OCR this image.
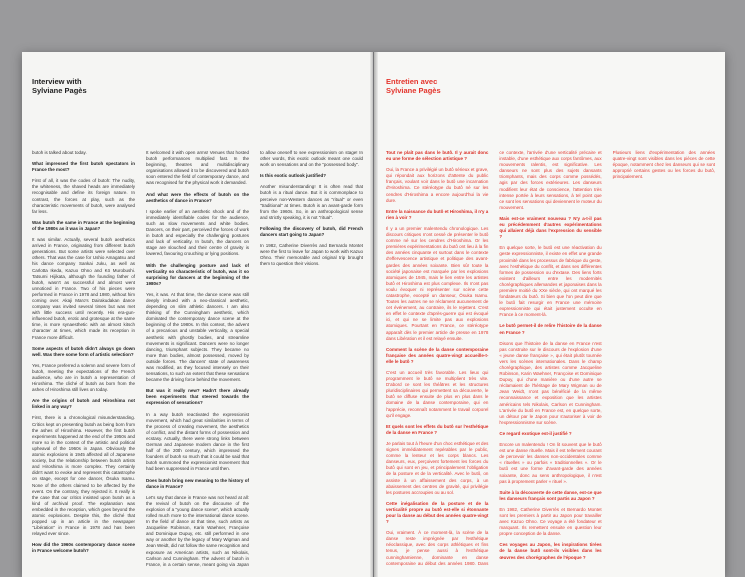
Interview with
Sylviane Pagès

butoh is talked about today.

What impressed the first butoh spectators in France the most?

First of all, it was the codes of butoh: The nudity, the whiteness, the shaved heads are immediately recognisable and define its foreign nature. In contrast, the forces at play, such as the characteristic movements of butoh, were analysed far less.

Was butoh the same in France at the beginning of the 1980s as it was in Japan?

It was similar. Actually, several butoh aesthetics arrived in France, originating from different butoh generations. But some artists were selected over others. That was the case for Ushio Amagatsu and his dance company Sankai Juku, as well as Carlotta Ikeda, Kazuo Ohno and Kō Murobushi. Tatsumi Hijikata, although the founding father of butoh, wasn't as successful and almost went unnoticed in France. Two of his pieces were performed in France in 1978 and 1980, without him coming over. Akaji Maro's Dairakudakan dance company was invited several times but was met with little success until recently. His era-gun-influenced butoh, erotic and grotesque at the same time, is more synaesthetic with an almost kitsch character at times, which made its reception in France more difficult.

Some aspects of butoh didn't always go down well. Was there some form of artistic selection?

Yes, France preferred a solemn and severe form of butoh, meeting the expectations of the French audience, who are in butoh a representation of Hiroshima. The cliché of butoh as born from the ashes of Hiroshima still lives on today.

Are the origins of butoh and Hiroshima not linked in any way?

First, there is a chronological misunderstanding. Critics kept on presenting butoh as being born from the ashes of Hiroshima. However, the first butoh experiments happened at the end of the 1950s and more so in the context of the artistic and political upheaval of the 1960s in Japan. Obviously the atomic explosions in 1945 affected all of Japanese society, but the relationship between butoh artists and Hiroshima is more complex. They certainly didn't want to evoke and represent this catastrophe on stage, except for one dancer, Ōsuka Isamu. None of the others claimed to be affected by the event. On the contrary, they rejected it. It really is the case that our critics insisted upon butoh as a kind of archival proof. The explanation was embedded in the reception, which goes beyond the atomic explosions. Despite this, the cliché that popped up in an article in the newspaper "Libération" in France in 1978 and has been relayed ever since.

How did the 1960s contemporary dance scene in France welcome butoh?

It welcomed it with open arms! Venues that hosted butoh performances multiplied fast. In the beginning, theatres and multidisciplinary organisations allowed it to be discovered and butoh soon entered the field of contemporary dance, and was recognised for the physical work it demanded.

And what were the effects of butoh on the aesthetics of dance in France?

I spoke earlier of an aesthetic shock and of the immediately identifiable codes for the audience, such as slow movements and white bodies. Dancers, on their part, perceived the forces of work in butoh and especially the challenging postures and lack of verticality. In butoh, the dancers on stage are slouched and their centre of gravity is lowered, favouring crouching or lying positions.

With the challenging posture and lack of verticality so characteristic of butoh, was it so surprising for dancers at the beginning of the 1980s?

Yes, it was. At that time, the dance scene was still deeply imbued with a neo-classical aesthetic, depending on slim athletic dancers. I am also thinking of the Cunningham aesthetic, which dominated the contemporary dance scene at the beginning of the 1980s. In this context, the advent of a precarious and unstable verticality, a special aesthetic with ghostly bodies, and streamline movements is significant. Dancers were no longer dancing, triumphant subjects. They became no more than bodies, almost possessed, moved by outside forces. The dancers' state of awareness was modified, as they focused intensely on their sensations, to such an extent that these sensations became the driving force behind the movement.

But was it really new? Hadn't there already been experiments that steered towards the expression of sensations?

In a way butoh reactivated the expressionist movement, which had great similarities in terms of the process of creating movement, the aesthetics of conflict, and the distant forms of possession and ecstasy. Actually, there were strong links between German and Japanese modern dance in the first half of the 20th century, which impressed the founders of butoh so much that it could be said that butoh summoned the expressionist movement that had been suppressed in France until then.

Does butoh bring new meaning to the history of dance in France?

Let's say that dance in France was not heard at all: the revival of butoh on the discourse of the explosion of a "young dance scene", which actually rolled much more to the international dance scene. In the field of dance at that time, such artists as Jacqueline Robinson, Karin Waehner, Françoise and Dominique Dupuy, etc. still performed in one way or another by the legacy of Mary Wigman and Jean Weidt, did not follow the same recognition and exposure as American artists, such as Nikolais, Carlson and Cunningham. The advent of butoh in France, in a certain sense, meant going via Japan to allow oneself to see expressionism on stage! In other words, this exotic outlook meant one could work on sensations and on the "possessed body".

Is this exotic outlook justified?

Another misunderstanding! It is often read that butoh is a ritual dance. But it is commonplace to perceive non-Western dances as "ritual" or even "traditional" at times. Butoh is an avant-garde form from the 1960s. So, in an anthropological sense and strictly speaking, it is not "ritual".

Following the discovery of butoh, did French dancers start going to Japan?

In 1982, Catherine Diverrès and Bernardo Montet were the first to leave for Japan to work with Kazuo Ohno. Their memorable and original trip brought them to question their visions.

Entretien avec
Sylviane Pagès

Tout ne plaît pas dans le butô. Il y aurait donc eu une forme de sélection artistique ?

Oui, la France a privilégié un butô sérieux et grave, qui répondait aux horizons d'attente du public français, voulant voir dans le butô une incarnation d'Hiroshima. Ce stéréotype du butô né sur les cendres d'Hiroshima a encore aujourd'hui la vie dure.

Entre la naissance du butô et Hiroshima, il n'y a rien à voir ?

Il y a un premier malentendu chronologique. Les discours critiques n'ont cessé de présenter le butô comme né sur les cendres d'Hiroshima. Or les premières expérimentations du butô ont lieu à la fin des années cinquante et surtout dans le contexte d'effervescence artistique et politique des avant-gardes des années soixante. Bien sûr toute la société japonaise est marquée par les explosions atomiques de 1945, mais le lien entre les artistes butô et Hiroshima est plus complexe. Ils n'ont pas voulu évoquer ni représenter sur scène cette catastrophe, excepté un danseur, Ōsuka Isamu. Toutes les autres ne se réclament aucunement de cet événement, au contraire, ils le rejettent. C'est en effet le contexte d'après-guerre qui est évoqué ici, et qui ne se limite pas aux explosions atomiques. Pourtant en France, ce stéréotype apparaît dès le premier article de presse en 1978 dans Libération et il est relayé ensuite.

Comment la scène de la danse contemporaine française des années quatre-vingt accueille-t-elle le butô ?

C'est un accueil très favorable. Les lieux qui programment le butô se multiplient très vite. D'abord ce sont les théâtres et les structures pluridisciplinaires qui permettent sa découverte, le butô se diffuse ensuite de plus en plus dans le domaine de la danse contemporaine, qui en l'apprécie, reconnaît notamment le travail corporel qu'il engage.

Et quels sont les effets du butô sur l'esthétique de la danse en France ?

Je parlais tout à l'heure d'un choc esthétique et des signes immédiatement repérables par le public, comme la lenteur et les corps blancs. Les danseurs, eux, perçoivent fortement les forces du butô qui sont en jeu, et principalement l'obligation de la posture et de la verticalité. Avec le butô, on assiste à un affaissement des corps, à un abaissement des centres de gravité, qui privilégie les postures accroupies ou au sol.

Cette inégalisation de la posture et de la verticalité propre au butô est-elle si étonnante pour la danse au début des années quatre-vingt ?

Oui, vraiment. À ce moment-là, la scène de la danse reste imprégnée par l'esthétique néoclassique, avec des corps athlétiques et fins tenus, je pense aussi à l'esthétique cunninghamienne, dominante en danse contemporaine au début des années 1980. Dans ce contexte, l'arrivée d'une verticalité précaire et instable, d'une esthétique aux corps fantômes, aux mouvements ralentis, est significative. Les danseurs ne sont plus des sujets dansants triomphants, mais des corps comme possédés, agis par des forces extérieures. Les danseurs modifient leur état de conscience, l'attention très intense portée à leurs sensations, à tel point que ce sont les sensations qui deviennent le moteur du mouvement.

Mais est-ce vraiment nouveau ? N'y a-t-il pas eu précédemment d'autres expérimentations qui allaient déjà dans l'expression du sensible ?

En quelque sorte, le butô est une réactivation du geste expressionniste, il existe en effet une grande proximité dans les processus de fabrique du geste, avec l'esthétique du conflit, et dans ses différentes formes de possession ou d'extase. Des liens forts existent d'ailleurs entre les modernités chorégraphiques allemandes et japonaises dans la première moitié du XXe siècle, qui ont marqué les fondateurs du butô. Si bien que l'on peut dire que le butô fait resurgir en France une mémoire expressionniste qui était justement occulte en France à ce moment-là.

Le butô permet-il de relire l'histoire de la danse en France ?

Disons que l'histoire de la danse en France n'est pas construite sur le discours de l'explosion d'une « jeune danse française », qui était plutôt tournée vers les scènes internationales. Dans le champ chorégraphique, des artistes comme Jacqueline Robinson, Karin Waehner, Françoise et Dominique Dupuy, qui d'une manière ou d'une autre se réclamaient de l'héritage de Mary Wigman ou de Jean Weidt, n'ont pas bénéficié de la même reconnaissance et exposition que les artistes américains tels Nikolais, Carlson et Cunningham. L'arrivée du butô en France est, en quelque sorte, un détour par le Japon pour s'autoriser à voir de l'expressionnisme sur scène.

Ce regard exotique est-il justifié ?

Encore un malentendu ! On lit souvent que le butô est une danse rituelle. Mais il est tellement courant de percevoir les danses non-occidentales comme « rituelles » ou parfois « traditionnelles ». Or le butô est une forme d'avant-garde des années soixante, donc au sens anthropologique, il n'est pas à proprement parler « rituel ».

Suite à la découverte de cette danse, est-ce que les danseurs français sont partis au Japon ?

En 1982, Catherine Diverrès et Bernardo Montet sont les premiers à partir au Japon pour travailler avec Kazuo Ohno. Ce voyage a été fondateur et marquant. Ils remettent ensuite en question leur propre conception de la danse.

Ces voyages au Japon, les inspirations tirées de la danse butô sont-ils visibles dans les œuvres des chorégraphes de l'époque ?

Plusieurs liens d'expérimentation des années quatre-vingt sont visibles dans les pièces de cette époque, notamment chez les danseurs qui se sont approprié certains gestes ou les forces du butô, principalement.
